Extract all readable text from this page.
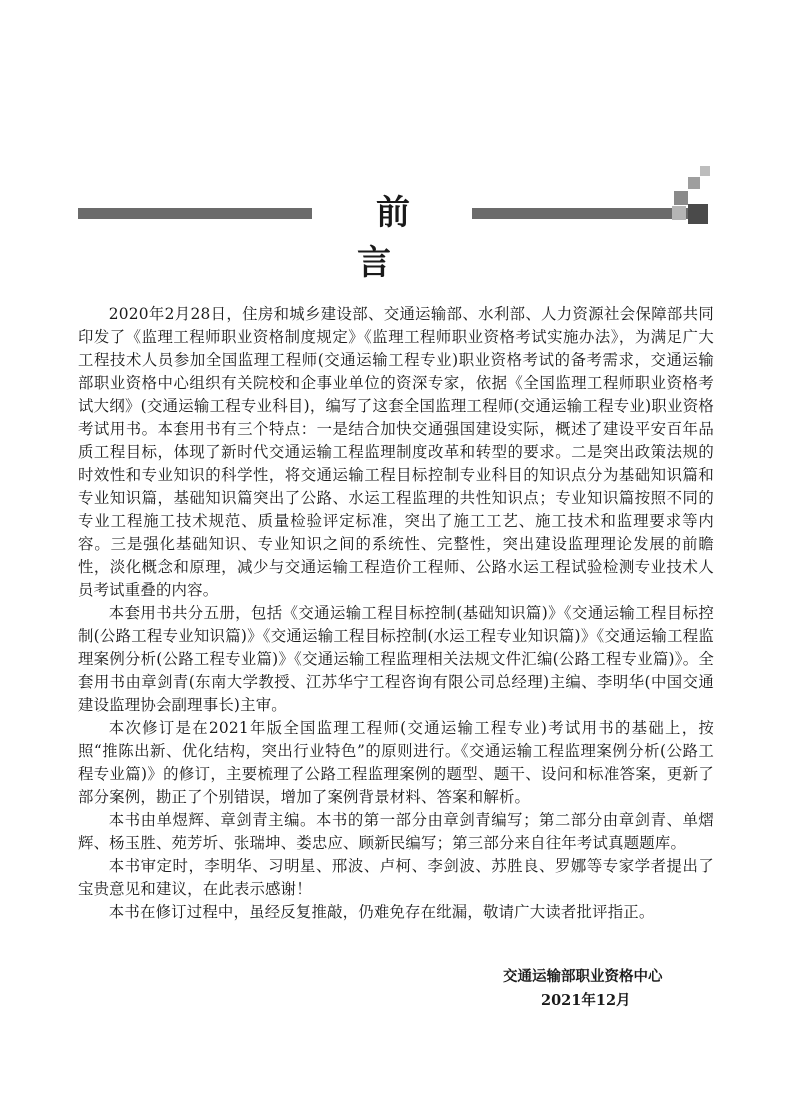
前 言

2020年2月28日，住房和城乡建设部、交通运输部、水利部、人力资源社会保障部共同印发了《监理工程师职业资格制度规定》《监理工程师职业资格考试实施办法》，为满足广大工程技术人员参加全国监理工程师(交通运输工程专业)职业资格考试的备考需求，交通运输部职业资格中心组织有关院校和企事业单位的资深专家，依据《全国监理工程师职业资格考试大纲》(交通运输工程专业科目)，编写了这套全国监理工程师(交通运输工程专业)职业资格考试用书。本套用书有三个特点：一是结合加快交通强国建设实际，概述了建设平安百年品质工程目标，体现了新时代交通运输工程监理制度改革和转型的要求。二是突出政策法规的时效性和专业知识的科学性，将交通运输工程目标控制专业科目的知识点分为基础知识篇和专业知识篇，基础知识篇突出了公路、水运工程监理的共性知识点；专业知识篇按照不同的专业工程施工技术规范、质量检验评定标准，突出了施工工艺、施工技术和监理要求等内容。三是强化基础知识、专业知识之间的系统性、完整性，突出建设监理理论发展的前瞻性，淡化概念和原理，减少与交通运输工程造价工程师、公路水运工程试验检测专业技术人员考试重叠的内容。

本套用书共分五册，包括《交通运输工程目标控制(基础知识篇)》《交通运输工程目标控制(公路工程专业知识篇)》《交通运输工程目标控制(水运工程专业知识篇)》《交通运输工程监理案例分析(公路工程专业篇)》《交通运输工程监理相关法规文件汇编(公路工程专业篇)》。全套用书由章剑青(东南大学教授、江苏华宁工程咨询有限公司总经理)主编、李明华(中国交通建设监理协会副理事长)主审。

本次修订是在2021年版全国监理工程师(交通运输工程专业)考试用书的基础上，按照“推陈出新、优化结构，突出行业特色”的原则进行。《交通运输工程监理案例分析(公路工程专业篇)》的修订，主要梳理了公路工程监理案例的题型、题干、设问和标准答案，更新了部分案例，勘正了个别错误，增加了案例背景材料、答案和解析。

本书由单煜辉、章剑青主编。本书的第一部分由章剑青编写；第二部分由章剑青、单熠辉、杨玉胜、苑芳圻、张瑞坤、娄忠应、顾新民编写；第三部分来自往年考试真题题库。

本书审定时，李明华、习明星、邢波、卢柯、李剑波、苏胜良、罗娜等专家学者提出了宝贵意见和建议，在此表示感谢！

本书在修订过程中，虽经反复推敲，仍难免存在纰漏，敬请广大读者批评指正。

交通运输部职业资格中心
2021年12月
